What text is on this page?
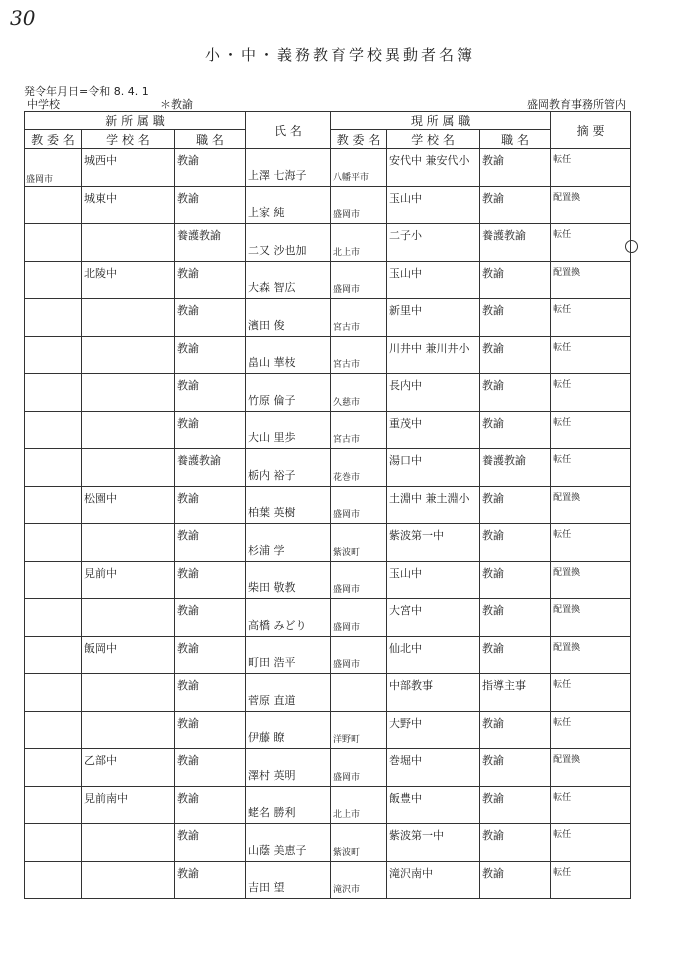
30
小・中・義務教育学校異動者名簿
発令年月日=令和 8. 4. 1
中学校	＊教諭	盛岡教育事務所管内
新 所 属 職			氏 名	現 所 属 職			摘 要
教 委 名	学 校 名	職 名		教 委 名	学 校 名	職 名	

盛岡市	城西中	教諭	上澤 七海子	八幡平市	安代中 兼安代小	教諭	転任

	城東中	教諭	上家 純	盛岡市	玉山中	教諭	配置換

		養護教諭	二又 沙也加	北上市	二子小	養護教諭	転任

	北陵中	教諭	大森 智広	盛岡市	玉山中	教諭	配置換

		教諭	濱田 俊	宮古市	新里中	教諭	転任

		教諭	畠山 華枝	宮古市	川井中 兼川井小	教諭	転任

		教諭	竹原 倫子	久慈市	長内中	教諭	転任

		教諭	大山 里歩	宮古市	重茂中	教諭	転任

		養護教諭	栃内 裕子	花巻市	湯口中	養護教諭	転任

	松園中	教諭	柏葉 英樹	盛岡市	土淵中 兼土淵小	教諭	配置換

		教諭	杉浦 学	紫波町	紫波第一中	教諭	転任

	見前中	教諭	柴田 敬教	盛岡市	玉山中	教諭	配置換

		教諭	高橋 みどり	盛岡市	大宮中	教諭	配置換

	飯岡中	教諭	町田 浩平	盛岡市	仙北中	教諭	配置換

		教諭	菅原 直道		中部教事	指導主事	転任

		教諭	伊藤 瞭	洋野町	大野中	教諭	転任

	乙部中	教諭	澤村 英明	盛岡市	巻堀中	教諭	配置換

	見前南中	教諭	蛯名 勝利	北上市	飯豊中	教諭	転任

		教諭	山蔭 美恵子	紫波町	紫波第一中	教諭	転任

		教諭	吉田 望	滝沢市	滝沢南中	教諭	転任
